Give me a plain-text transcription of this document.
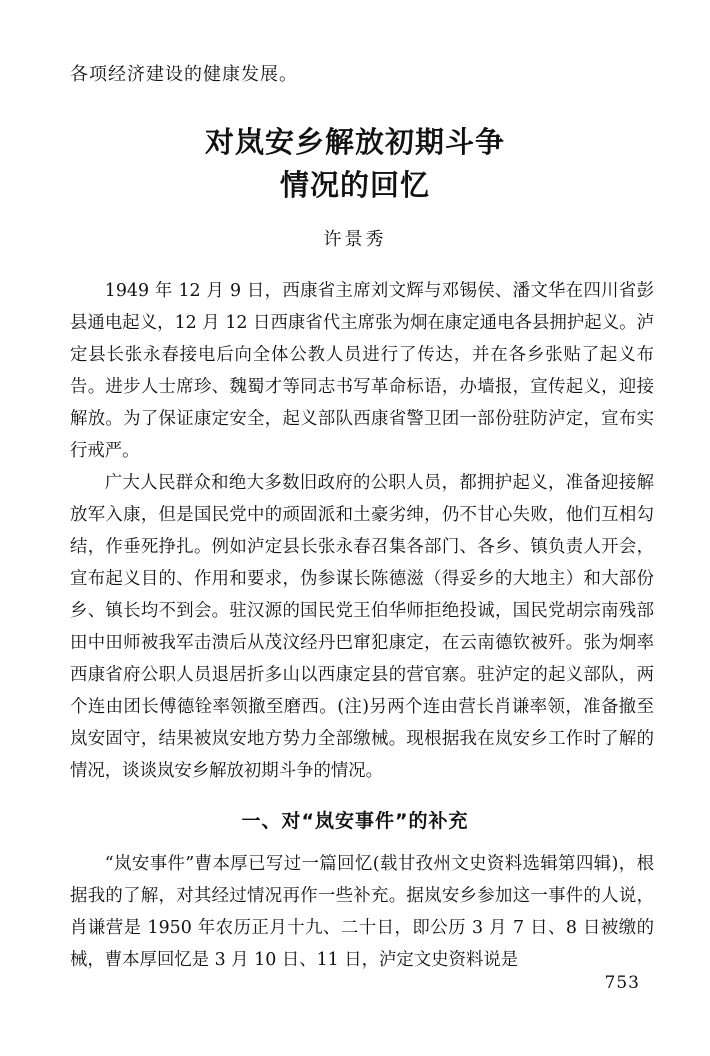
各项经济建设的健康发展。
对岚安乡解放初期斗争
情况的回忆
许景秀

1949 年 12 月 9 日，西康省主席刘文辉与邓锡侯、潘文华在四川省彭县通电起义，12 月 12 日西康省代主席张为炯在康定通电各县拥护起义。泸定县长张永春接电后向全体公教人员进行了传达，并在各乡张贴了起义布告。进步人士席珍、魏蜀才等同志书写革命标语，办墙报，宣传起义，迎接解放。为了保证康定安全，起义部队西康省警卫团一部份驻防泸定，宣布实行戒严。

广大人民群众和绝大多数旧政府的公职人员，都拥护起义，准备迎接解放军入康，但是国民党中的顽固派和土豪劣绅，仍不甘心失败，他们互相勾结，作垂死挣扎。例如泸定县长张永春召集各部门、各乡、镇负责人开会，宣布起义目的、作用和要求，伪参谋长陈德滋（得妥乡的大地主）和大部份乡、镇长均不到会。驻汉源的国民党王伯华师拒绝投诚，国民党胡宗南残部田中田师被我军击溃后从茂汶经丹巴窜犯康定，在云南德钦被歼。张为炯率西康省府公职人员退居折多山以西康定县的营官寨。驻泸定的起义部队，两个连由团长傅德铨率领撤至磨西。(注)另两个连由营长肖谦率领，准备撤至岚安固守，结果被岚安地方势力全部缴械。现根据我在岚安乡工作时了解的情况，谈谈岚安乡解放初期斗争的情况。

一、对“岚安事件”的补充

“岚安事件”曹本厚已写过一篇回忆(载甘孜州文史资料选辑第四辑)，根据我的了解，对其经过情况再作一些补充。据岚安乡参加这一事件的人说，肖谦营是 1950 年农历正月十九、二十日，即公历 3 月 7 日、8 日被缴的械，曹本厚回忆是 3 月 10 日、11 日，泸定文史资料说是

753
